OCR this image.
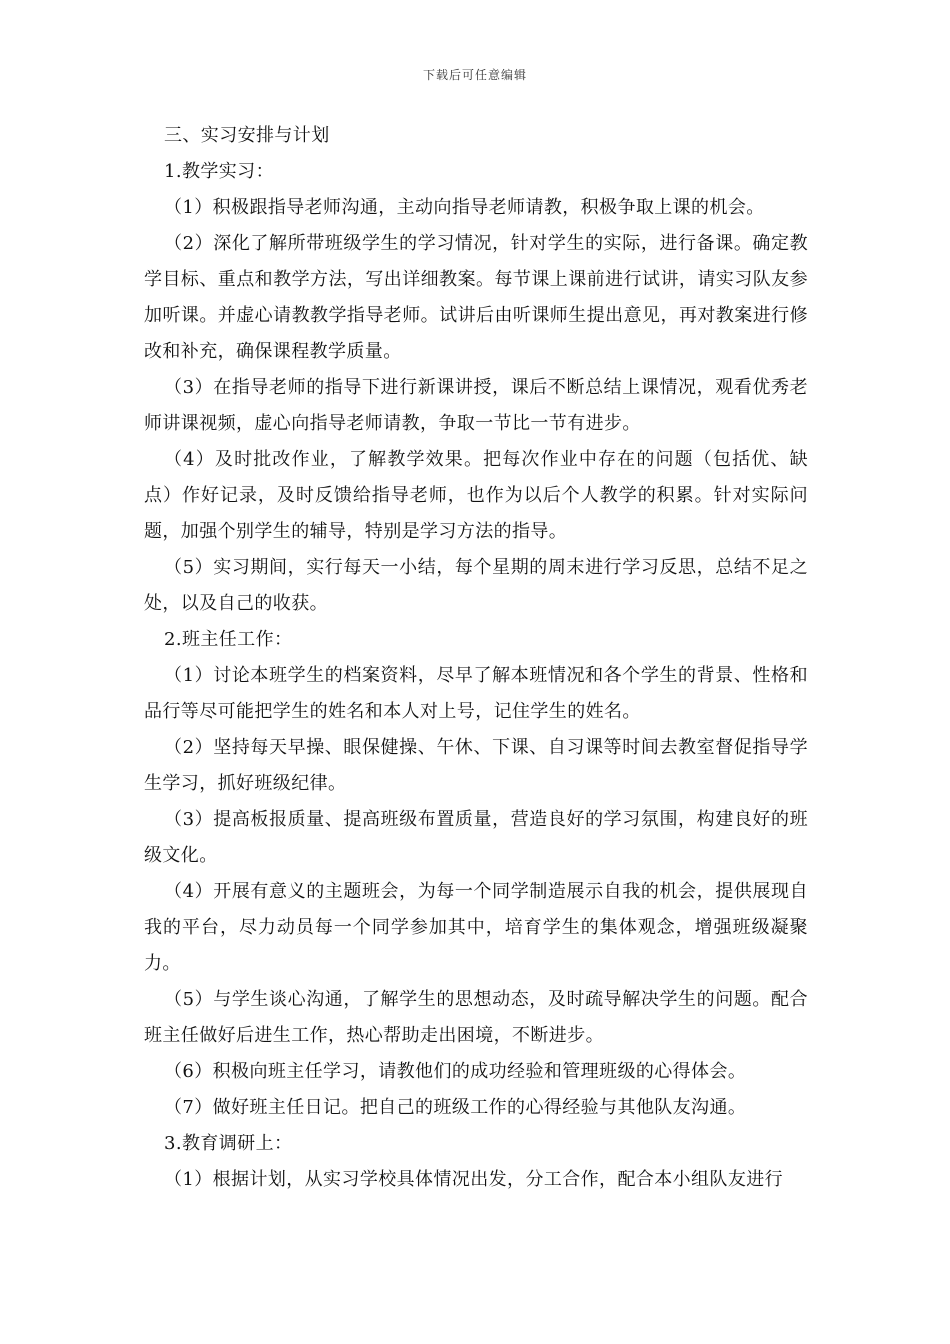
下载后可任意编辑
三、实习安排与计划
1.教学实习：
（1）积极跟指导老师沟通，主动向指导老师请教，积极争取上课的机会。
（2）深化了解所带班级学生的学习情况，针对学生的实际，进行备课。确定教学目标、重点和教学方法，写出详细教案。每节课上课前进行试讲，请实习队友参加听课。并虚心请教教学指导老师。试讲后由听课师生提出意见，再对教案进行修改和补充，确保课程教学质量。
（3）在指导老师的指导下进行新课讲授，课后不断总结上课情况，观看优秀老师讲课视频，虚心向指导老师请教，争取一节比一节有进步。
（4）及时批改作业，了解教学效果。把每次作业中存在的问题（包括优、缺点）作好记录，及时反馈给指导老师，也作为以后个人教学的积累。针对实际问题，加强个别学生的辅导，特别是学习方法的指导。
（5）实习期间，实行每天一小结，每个星期的周末进行学习反思，总结不足之处，以及自己的收获。
2.班主任工作：
（1）讨论本班学生的档案资料，尽早了解本班情况和各个学生的背景、性格和品行等尽可能把学生的姓名和本人对上号，记住学生的姓名。
（2）坚持每天早操、眼保健操、午休、下课、自习课等时间去教室督促指导学生学习，抓好班级纪律。
（3）提高板报质量、提高班级布置质量，营造良好的学习氛围，构建良好的班级文化。
（4）开展有意义的主题班会，为每一个同学制造展示自我的机会，提供展现自我的平台，尽力动员每一个同学参加其中，培育学生的集体观念，增强班级凝聚力。
（5）与学生谈心沟通，了解学生的思想动态，及时疏导解决学生的问题。配合班主任做好后进生工作，热心帮助走出困境，不断进步。
（6）积极向班主任学习，请教他们的成功经验和管理班级的心得体会。
（7）做好班主任日记。把自己的班级工作的心得经验与其他队友沟通。
3.教育调研上：
（1）根据计划，从实习学校具体情况出发，分工合作，配合本小组队友进行
